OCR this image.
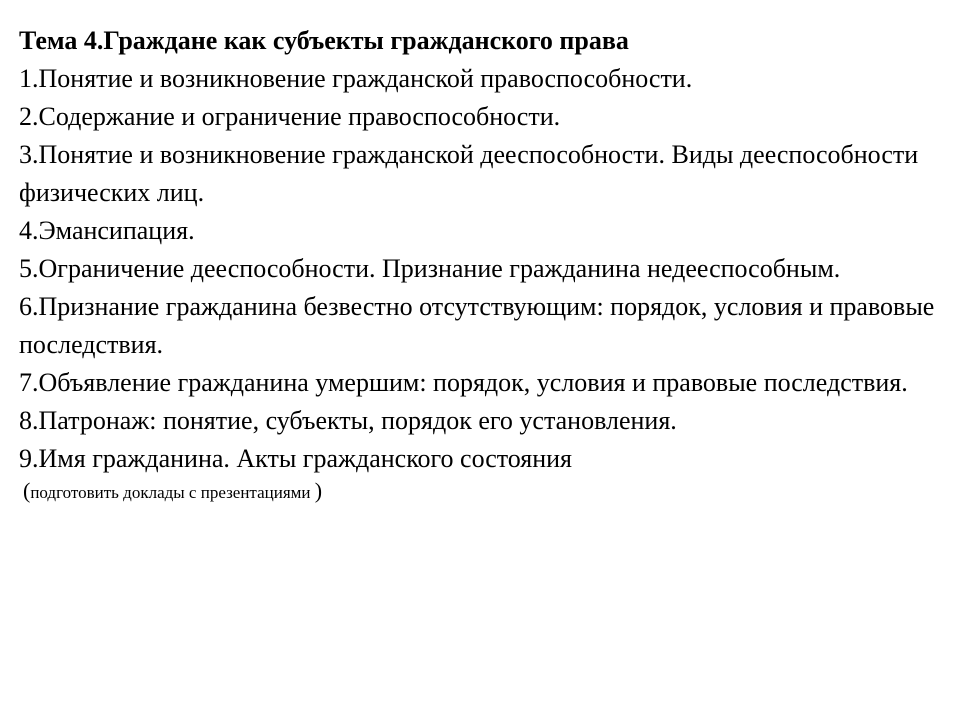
Тема 4.Граждане как субъекты гражданского права

1.Понятие и возникновение гражданской правоспособности.
2.Содержание и ограничение правоспособности.
3.Понятие и возникновение гражданской дееспособности. Виды дееспособности физических лиц.
4.Эмансипация.
5.Ограничение дееспособности. Признание гражданина недееспособным.
6.Признание гражданина безвестно отсутствующим: порядок, условия и правовые последствия.
7.Объявление гражданина умершим: порядок, условия и правовые последствия.
8.Патронаж: понятие, субъекты, порядок его установления.
9.Имя гражданина. Акты гражданского состояния

(подготовить доклады с презентациями )
